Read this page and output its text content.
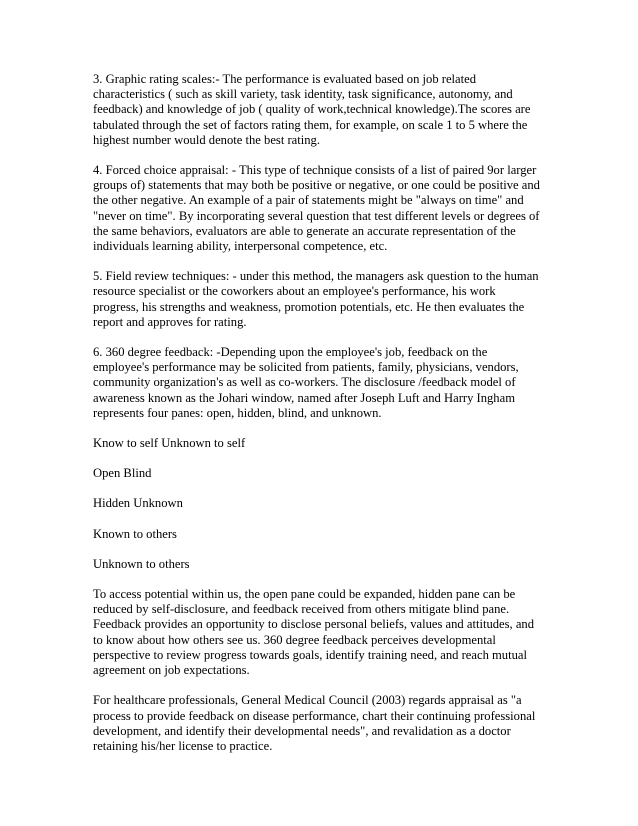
3. Graphic rating scales:- The performance is evaluated based on job related characteristics ( such as skill variety, task identity, task significance, autonomy, and feedback) and knowledge of job ( quality of work,technical knowledge).The scores are tabulated through the set of factors rating them, for example, on scale 1 to 5 where the highest number would denote the best rating.

4. Forced choice appraisal: - This type of technique consists of a list of paired 9or larger groups of) statements that may both be positive or negative, or one could be positive and the other negative. An example of a pair of statements might be "always on time" and "never on time". By incorporating several question that test different levels or degrees of the same behaviors, evaluators are able to generate an accurate representation of the individuals learning ability, interpersonal competence, etc.

5. Field review techniques: - under this method, the managers ask question to the human resource specialist or the coworkers about an employee's performance, his work progress, his strengths and weakness, promotion potentials, etc. He then evaluates the report and approves for rating.

6. 360 degree feedback: -Depending upon the employee's job, feedback on the employee's performance may be solicited from patients, family, physicians, vendors, community organization's as well as co-workers. The disclosure /feedback model of awareness known as the Johari window, named after Joseph Luft and Harry Ingham represents four panes: open, hidden, blind, and unknown.

Know to self Unknown to self

Open Blind

Hidden Unknown

Known to others

Unknown to others

To access potential within us, the open pane could be expanded, hidden pane can be reduced by self-disclosure, and feedback received from others mitigate blind pane. Feedback provides an opportunity to disclose personal beliefs, values and attitudes, and to know about how others see us. 360 degree feedback perceives developmental perspective to review progress towards goals, identify training need, and reach mutual agreement on job expectations.

For healthcare professionals, General Medical Council (2003) regards appraisal as "a process to provide feedback on disease performance, chart their continuing professional development, and identify their developmental needs", and revalidation as a doctor retaining his/her license to practice.
